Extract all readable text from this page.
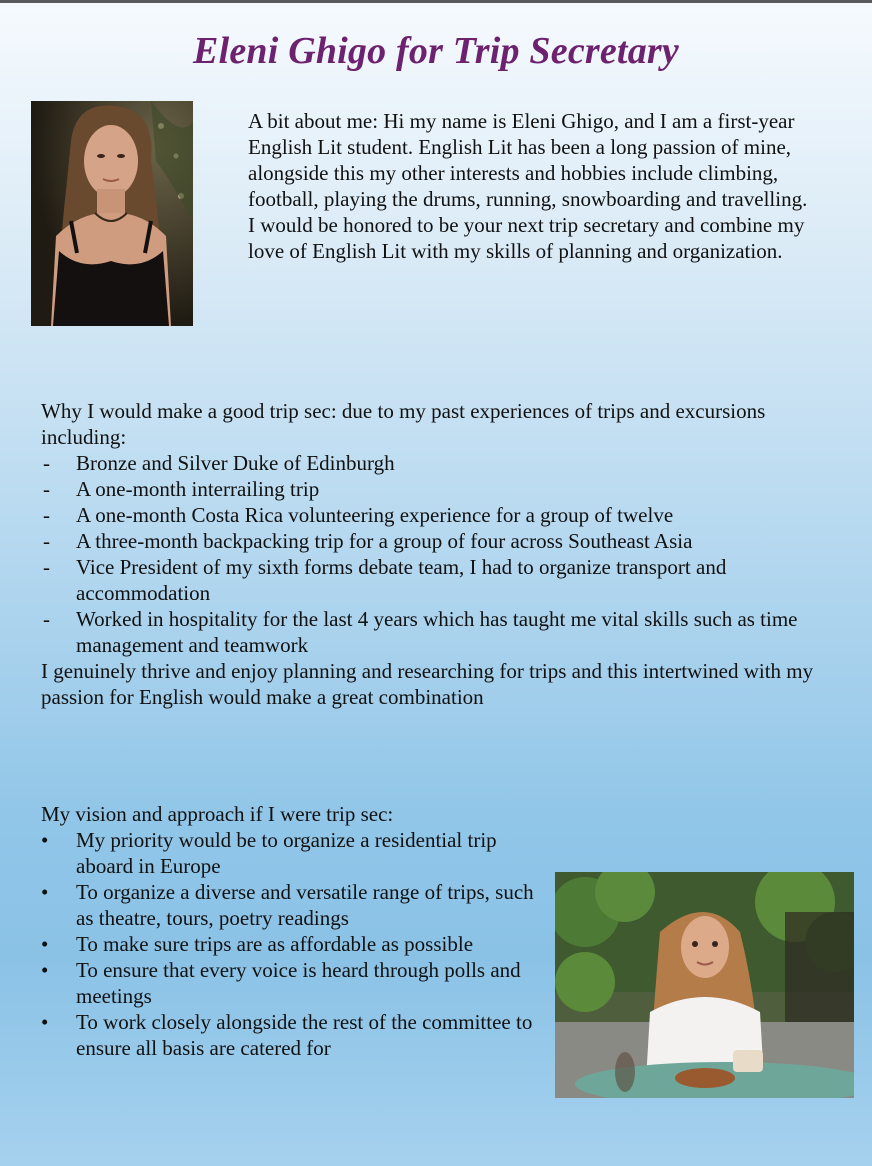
Eleni Ghigo for Trip Secretary

A bit about me: Hi my name is Eleni Ghigo, and I am a first-year English Lit student. English Lit has been a long passion of mine, alongside this my other interests and hobbies include climbing, football, playing the drums, running, snowboarding and travelling.

I would be honored to be your next trip secretary and combine my love of English Lit with my skills of planning and organization.

Why I would make a good trip sec: due to my past experiences of trips and excursions including:

- Bronze and Silver Duke of Edinburgh
- A one-month interrailing trip
- A one-month Costa Rica volunteering experience for a group of twelve
- A three-month backpacking trip for a group of four across Southeast Asia
- Vice President of my sixth forms debate team, I had to organize transport and accommodation
- Worked in hospitality for the last 4 years which has taught me vital skills such as time management and teamwork

I genuinely thrive and enjoy planning and researching for trips and this intertwined with my passion for English would make a great combination

My vision and approach if I were trip sec:

• My priority would be to organize a residential trip aboard in Europe
• To organize a diverse and versatile range of trips, such as theatre, tours, poetry readings
• To make sure trips are as affordable as possible
• To ensure that every voice is heard through polls and meetings
• To work closely alongside the rest of the committee to ensure all basis are catered for
